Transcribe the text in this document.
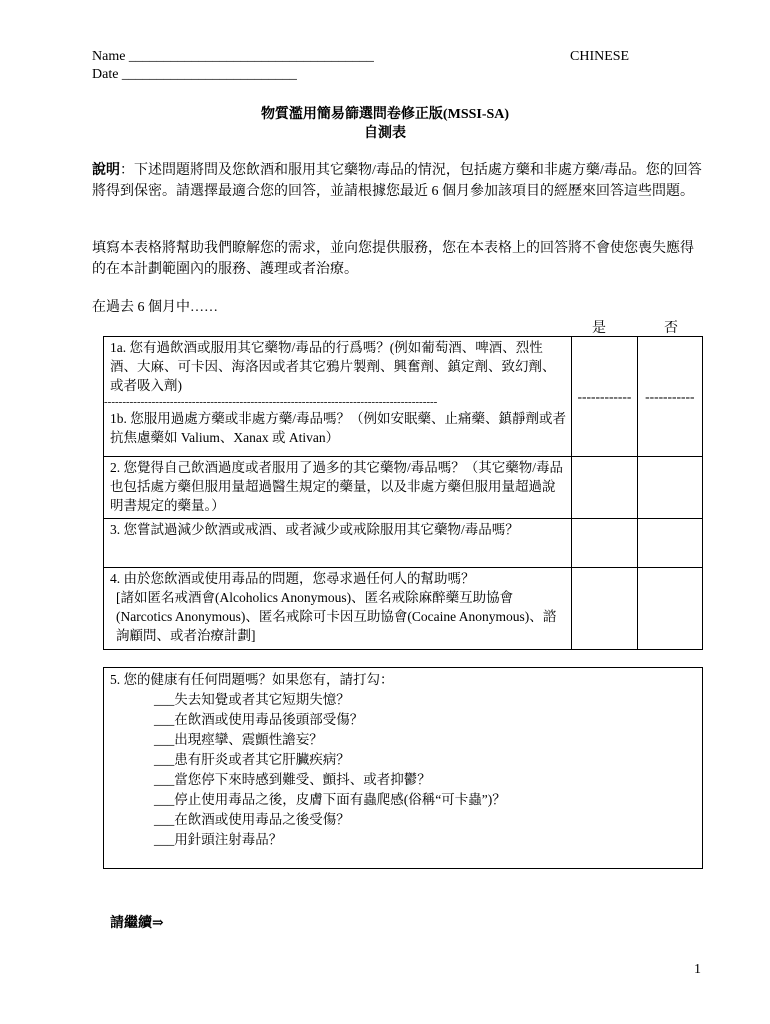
Name ___________________________________
Date _________________________
CHINESE
物質濫用簡易篩選問卷修正版(MSSI-SA)
自測表
說明：下述問題將問及您飲酒和服用其它藥物/毒品的情況，包括處方藥和非處方藥/毒品。您的回答將得到保密。請選擇最適合您的回答，並請根據您最近 6 個月參加該項目的經歷來回答這些問題。
填寫本表格將幫助我們瞭解您的需求，並向您提供服務，您在本表格上的回答將不會使您喪失應得的在本計劃範圍內的服務、護理或者治療。
在過去 6 個月中……
是	否
1a. 您有過飲酒或服用其它藥物/毒品的行爲嗎？(例如葡萄酒、啤酒、烈性酒、大麻、可卡因、海洛因或者其它鴉片製劑、興奮劑、鎮定劑、致幻劑、或者吸入劑)
-------------------------------------------------------------------------------------------
1b. 您服用過處方藥或非處方藥/毒品嗎？（例如安眠藥、止痛藥、鎮靜劑或者抗焦慮藥如 Valium、Xanax 或 Ativan）	------------	-----------
2. 您覺得自己飲酒過度或者服用了過多的其它藥物/毒品嗎？（其它藥物/毒品也包括處方藥但服用量超過醫生規定的藥量，以及非處方藥但服用量超過說明書規定的藥量。）		
3. 您嘗試過減少飲酒或戒酒、或者減少或戒除服用其它藥物/毒品嗎？		

4. 由於您飲酒或使用毒品的問題，您尋求過任何人的幫助嗎？
[諸如匿名戒酒會(Alcoholics Anonymous)、匿名戒除麻醉藥互助協會(Narcotics Anonymous)、匿名戒除可卡因互助協會(Cocaine Anonymous)、諮詢顧問、或者治療計劃]		

5. 您的健康有任何問題嗎？如果您有，請打勾：
___失去知覺或者其它短期失憶？
___在飲酒或使用毒品後頭部受傷？
___出現痙攣、震顫性譫妄？
___患有肝炎或者其它肝臟疾病？
___當您停下來時感到難受、顫抖、或者抑鬱？
___停止使用毒品之後，皮膚下面有蟲爬感(俗稱“可卡蟲”)？
___在飲酒或使用毒品之後受傷？
___用針頭注射毒品？
請繼續⇒
1
